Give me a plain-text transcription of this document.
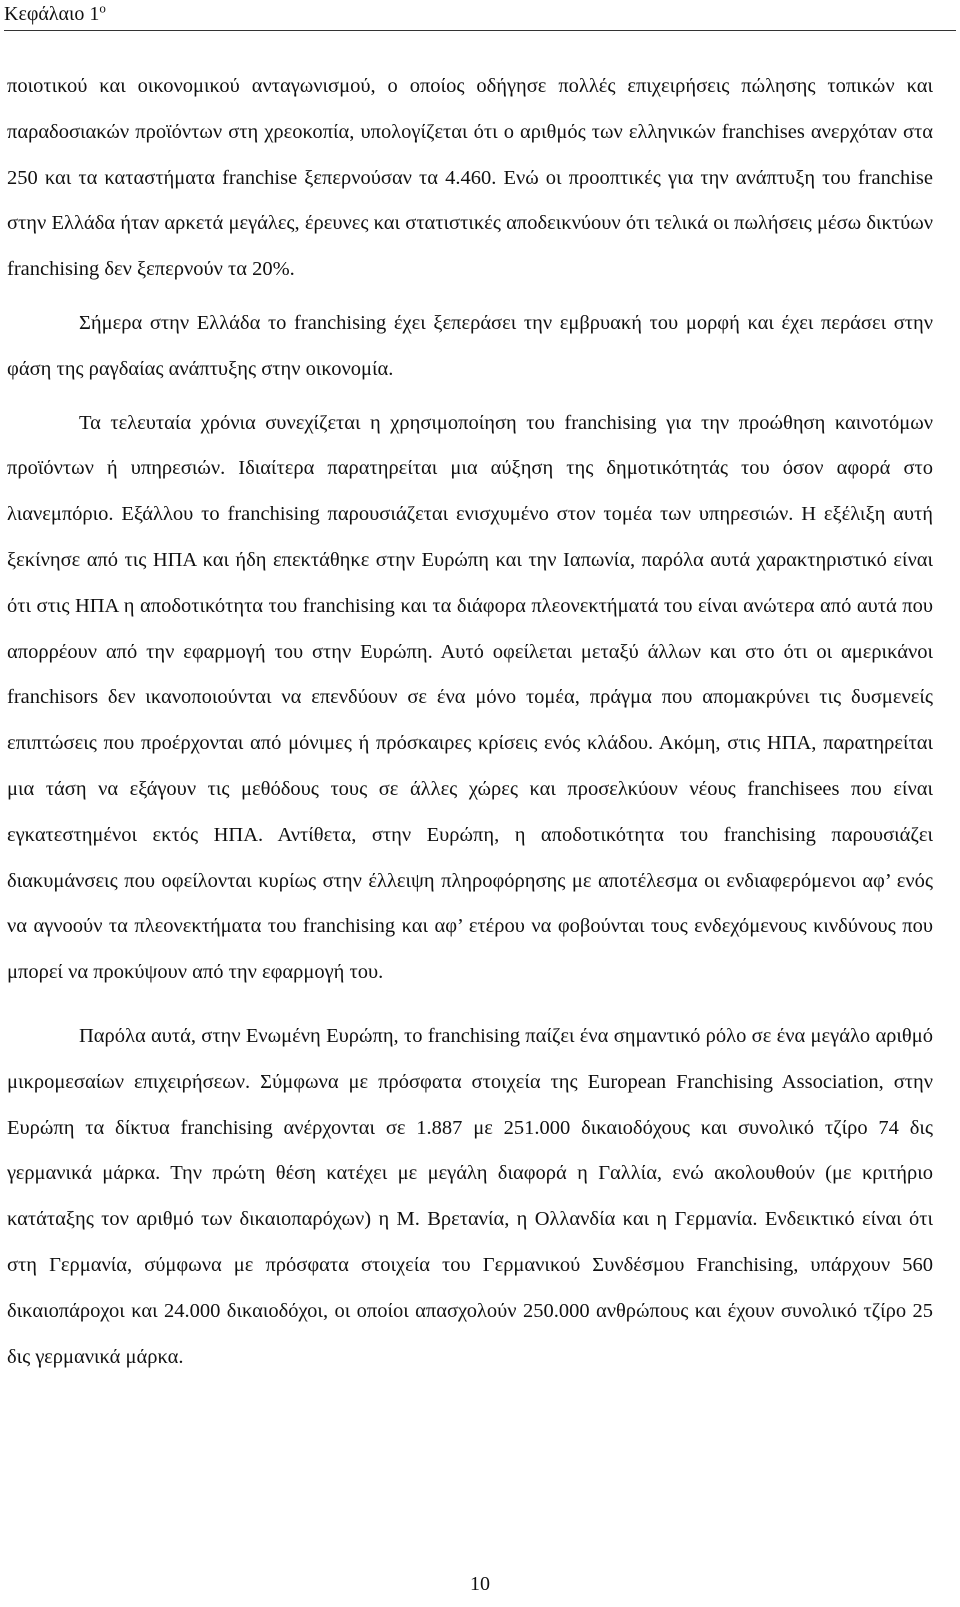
Κεφάλαιο $1^o$

ποιοτικού και οικονομικού ανταγωνισμού, ο οποίος οδήγησε πολλές επιχειρήσεις πώλησης τοπικών και παραδοσιακών προϊόντων στη χρεοκοπία, υπολογίζεται ότι ο αριθμός των ελληνικών franchises ανερχόταν στα 250 και τα καταστήματα franchise ξεπερνούσαν τα 4.460. Ενώ οι προοπτικές για την ανάπτυξη του franchise στην Ελλάδα ήταν αρκετά μεγάλες, έρευνες και στατιστικές αποδεικνύουν ότι τελικά οι πωλήσεις μέσω δικτύων franchising δεν ξεπερνούν τα 20%.

Σήμερα στην Ελλάδα το franchising έχει ξεπεράσει την εμβρυακή του μορφή και έχει περάσει στην φάση της ραγδαίας ανάπτυξης στην οικονομία.

Τα τελευταία χρόνια συνεχίζεται η χρησιμοποίηση του franchising για την προώθηση καινοτόμων προϊόντων ή υπηρεσιών. Ιδιαίτερα παρατηρείται μια αύξηση της δημοτικότητάς του όσον αφορά στο λιανεμπόριο. Εξάλλου το franchising παρουσιάζεται ενισχυμένο στον τομέα των υπηρεσιών. Η εξέλιξη αυτή ξεκίνησε από τις ΗΠΑ και ήδη επεκτάθηκε στην Ευρώπη και την Ιαπωνία, παρόλα αυτά χαρακτηριστικό είναι ότι στις ΗΠΑ η αποδοτικότητα του franchising και τα διάφορα πλεονεκτήματά του είναι ανώτερα από αυτά που απορρέουν από την εφαρμογή του στην Ευρώπη. Αυτό οφείλεται μεταξύ άλλων και στο ότι οι αμερικάνοι franchisors δεν ικανοποιούνται να επενδύουν σε ένα μόνο τομέα, πράγμα που απομακρύνει τις δυσμενείς επιπτώσεις που προέρχονται από μόνιμες ή πρόσκαιρες κρίσεις ενός κλάδου. Ακόμη, στις ΗΠΑ, παρατηρείται μια τάση να εξάγουν τις μεθόδους τους σε άλλες χώρες και προσελκύουν νέους franchisees που είναι εγκατεστημένοι εκτός ΗΠΑ. Αντίθετα, στην Ευρώπη, η αποδοτικότητα του franchising παρουσιάζει διακυμάνσεις που οφείλονται κυρίως στην έλλειψη πληροφόρησης με αποτέλεσμα οι ενδιαφερόμενοι αφ’ ενός να αγνοούν τα πλεονεκτήματα του franchising και αφ’ ετέρου να φοβούνται τους ενδεχόμενους κινδύνους που μπορεί να προκύψουν από την εφαρμογή του.

Παρόλα αυτά, στην Ενωμένη Ευρώπη, το franchising παίζει ένα σημαντικό ρόλο σε ένα μεγάλο αριθμό μικρομεσαίων επιχειρήσεων. Σύμφωνα με πρόσφατα στοιχεία της European Franchising Association, στην Ευρώπη τα δίκτυα franchising ανέρχονται σε 1.887 με 251.000 δικαιοδόχους και συνολικό τζίρο 74 δις γερμανικά μάρκα. Την πρώτη θέση κατέχει με μεγάλη διαφορά η Γαλλία, ενώ ακολουθούν (με κριτήριο κατάταξης τον αριθμό των δικαιοπαρόχων) η Μ. Βρετανία, η Ολλανδία και η Γερμανία. Ενδεικτικό είναι ότι στη Γερμανία, σύμφωνα με πρόσφατα στοιχεία του Γερμανικού Συνδέσμου Franchising, υπάρχουν 560 δικαιοπάροχοι και 24.000 δικαιοδόχοι, οι οποίοι απασχολούν 250.000 ανθρώπους και έχουν συνολικό τζίρο 25 δις γερμανικά μάρκα.

10
